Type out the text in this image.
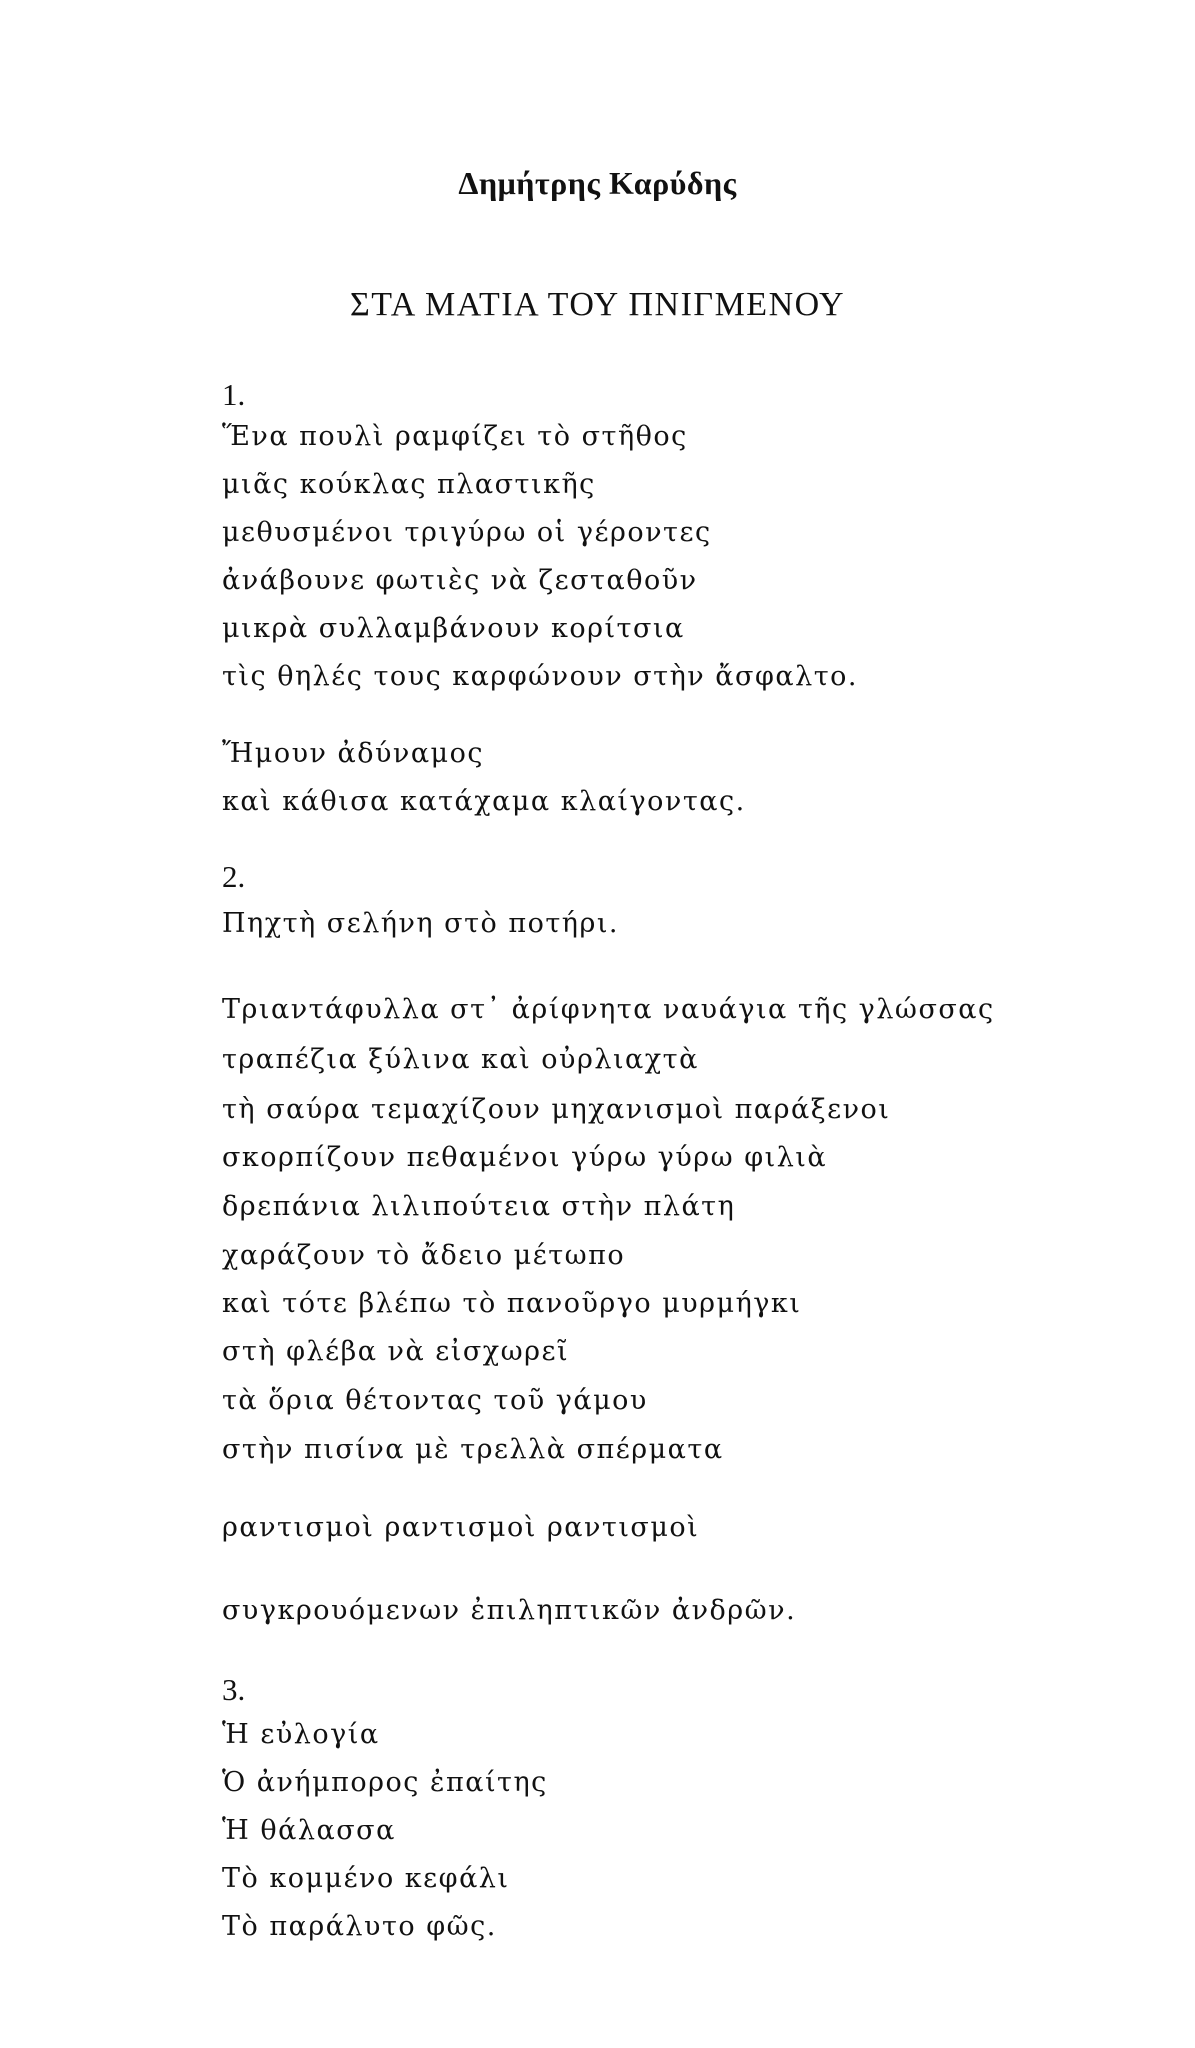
Δημήτρης Καρύδης
ΣΤΑ ΜΑΤΙΑ ΤΟΥ ΠΝΙΓΜΕΝΟΥ
1.
Ἕνα πουλὶ ραμφίζει τὸ στῆθος
μιᾶς κούκλας πλαστικῆς
μεθυσμένοι τριγύρω οἱ γέροντες
ἀνάβουνε φωτιὲς νὰ ζεσταθοῦν
μικρὰ συλλαμβάνουν κορίτσια
τὶς θηλές τους καρφώνουν στὴν ἄσφαλτο.
Ἤμουν ἀδύναμος
καὶ κάθισα κατάχαμα κλαίγοντας.
2.
Πηχτὴ σελήνη στὸ ποτήρι.
Τριαντάφυλλα στ᾽ ἀρίφνητα ναυάγια τῆς γλώσσας
τραπέζια ξύλινα καὶ οὐρλιαχτὰ
τὴ σαύρα τεμαχίζουν μηχανισμοὶ παράξενοι
σκορπίζουν πεθαμένοι γύρω γύρω φιλιὰ
δρεπάνια λιλιπούτεια στὴν πλάτη
χαράζουν τὸ ἄδειο μέτωπο
καὶ τότε βλέπω τὸ πανοῦργο μυρμήγκι
στὴ φλέβα νὰ εἰσχωρεῖ
τὰ ὅρια θέτοντας τοῦ γάμου
στὴν πισίνα μὲ τρελλὰ σπέρματα
ραντισμοὶ ραντισμοὶ ραντισμοὶ
συγκρουόμενων ἐπιληπτικῶν ἀνδρῶν.
3.
Ἡ εὐλογία
Ὁ ἀνήμπορος ἐπαίτης
Ἡ θάλασσα
Τὸ κομμένο κεφάλι
Τὸ παράλυτο φῶς.
